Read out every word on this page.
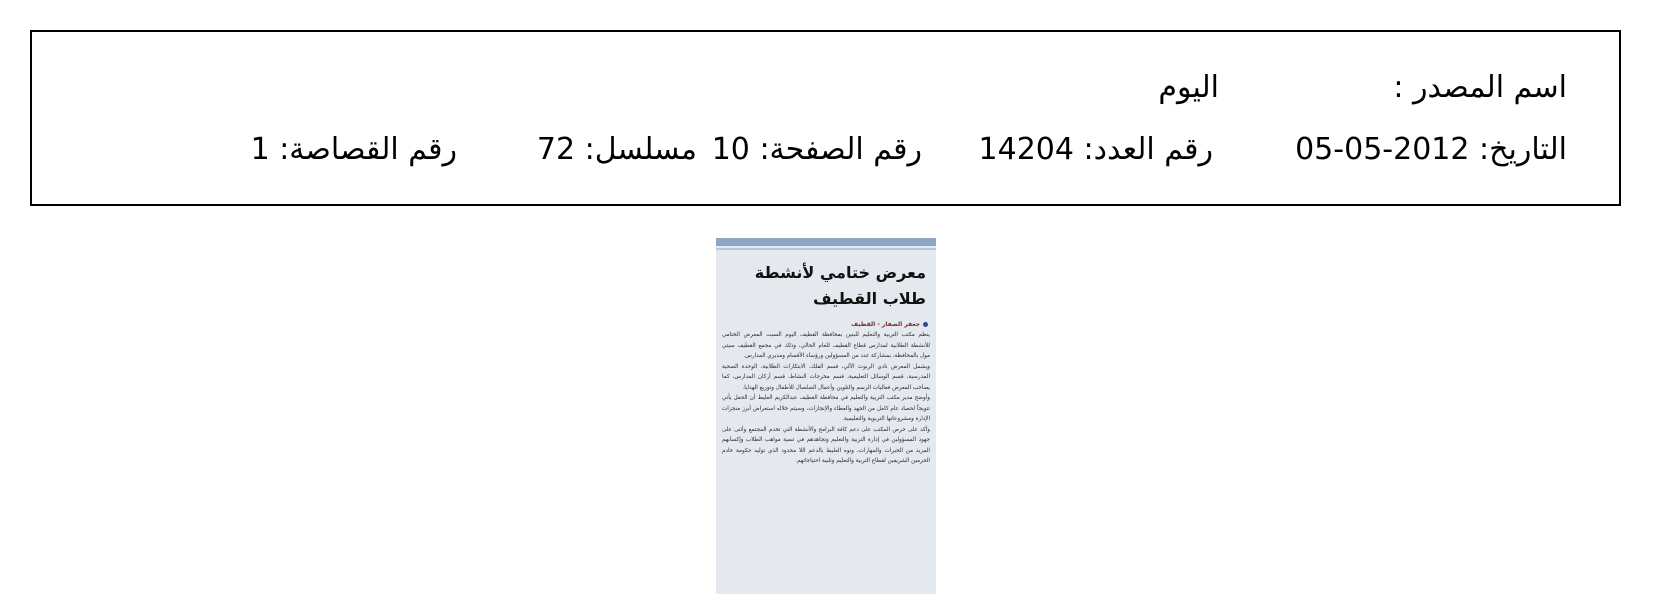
اسم المصدر :
اليوم
التاريخ: 2012-05-05
رقم العدد: 14204
رقم الصفحة: 10
مسلسل: 72
رقم القصاصة: 1
معرض ختامي لأنشطة طلاب القطيف
جعفر الصفار - القطيف

ينظم مكتب التربية والتعليم للبنين بمحافظة القطيف اليوم السبت المعرض الختامي للأنشطة الطلابية لمدارس قطاع القطيف للعام الحالي، وذلك في مجمع القطيف سيتي مول بالمحافظة، بمشاركة عدد من المسؤولين ورؤساء الأقسام ومديري المدارس.

ويشمل المعرض نادي الربوت الآلي، قسم الفلك، الابتكارات الطلابية، الوحدة الصحية المدرسية، قسم الوسائل التعليمية، قسم مخرجات النشاط، قسم أركان المدارس، كما يصاحب المعرض فعاليات الرسم والتلوين وأعمال الصلصال للأطفال وتوزيع الهدايا.

وأوضح مدير مكتب التربية والتعليم في محافظة القطيف عبدالكريم العليط أن الحفل يأتي تتويجاً لحصاد عام كامل من الجهد والعطاء والإنجازات، وسيتم خلاله استعراض أبرز منجزات الإدارة ومشروعاتها التربوية والتعليمية.

وأكد على حرص المكتب على دعم كافة البرامج والأنشطة التي تخدم المجتمع وأثنى على جهود المسؤولين في إدارة التربية والتعليم وتجاهدهم في تنمية مواهب الطلاب وإكسابهم المزيد من الخبرات والمهارات، ونوه العليط بالدعم اللا محدود الذي توليه حكومة خادم الحرمين الشريفين لقطاع التربية والتعليم وتلبية احتياجاتهم.
